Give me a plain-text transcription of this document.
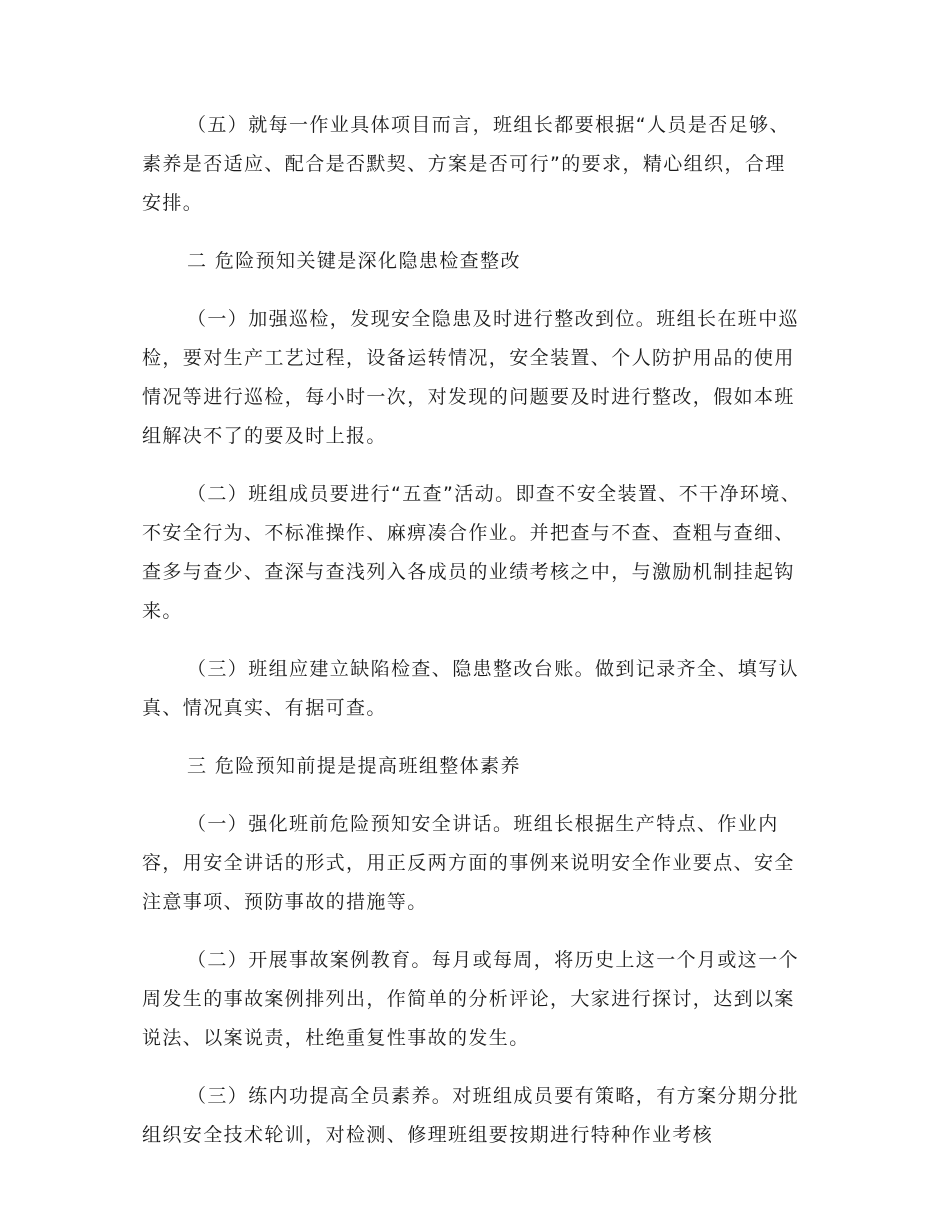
（五）就每一作业具体项目而言，班组长都要根据“人员是否足够、素养是否适应、配合是否默契、方案是否可行”的要求，精心组织，合理安排。

二 危险预知关键是深化隐患检查整改

（一）加强巡检，发现安全隐患及时进行整改到位。班组长在班中巡检，要对生产工艺过程，设备运转情况，安全装置、个人防护用品的使用情况等进行巡检，每小时一次，对发现的问题要及时进行整改，假如本班组解决不了的要及时上报。

（二）班组成员要进行“五查”活动。即查不安全装置、不干净环境、不安全行为、不标准操作、麻痹凑合作业。并把查与不查、查粗与查细、查多与查少、查深与查浅列入各成员的业绩考核之中，与激励机制挂起钩来。

（三）班组应建立缺陷检查、隐患整改台账。做到记录齐全、填写认真、情况真实、有据可查。

三 危险预知前提是提高班组整体素养

（一）强化班前危险预知安全讲话。班组长根据生产特点、作业内容，用安全讲话的形式，用正反两方面的事例来说明安全作业要点、安全注意事项、预防事故的措施等。

（二）开展事故案例教育。每月或每周，将历史上这一个月或这一个周发生的事故案例排列出，作简单的分析评论，大家进行探讨，达到以案说法、以案说责，杜绝重复性事故的发生。

（三）练内功提高全员素养。对班组成员要有策略，有方案分期分批组织安全技术轮训，对检测、修理班组要按期进行特种作业考核
